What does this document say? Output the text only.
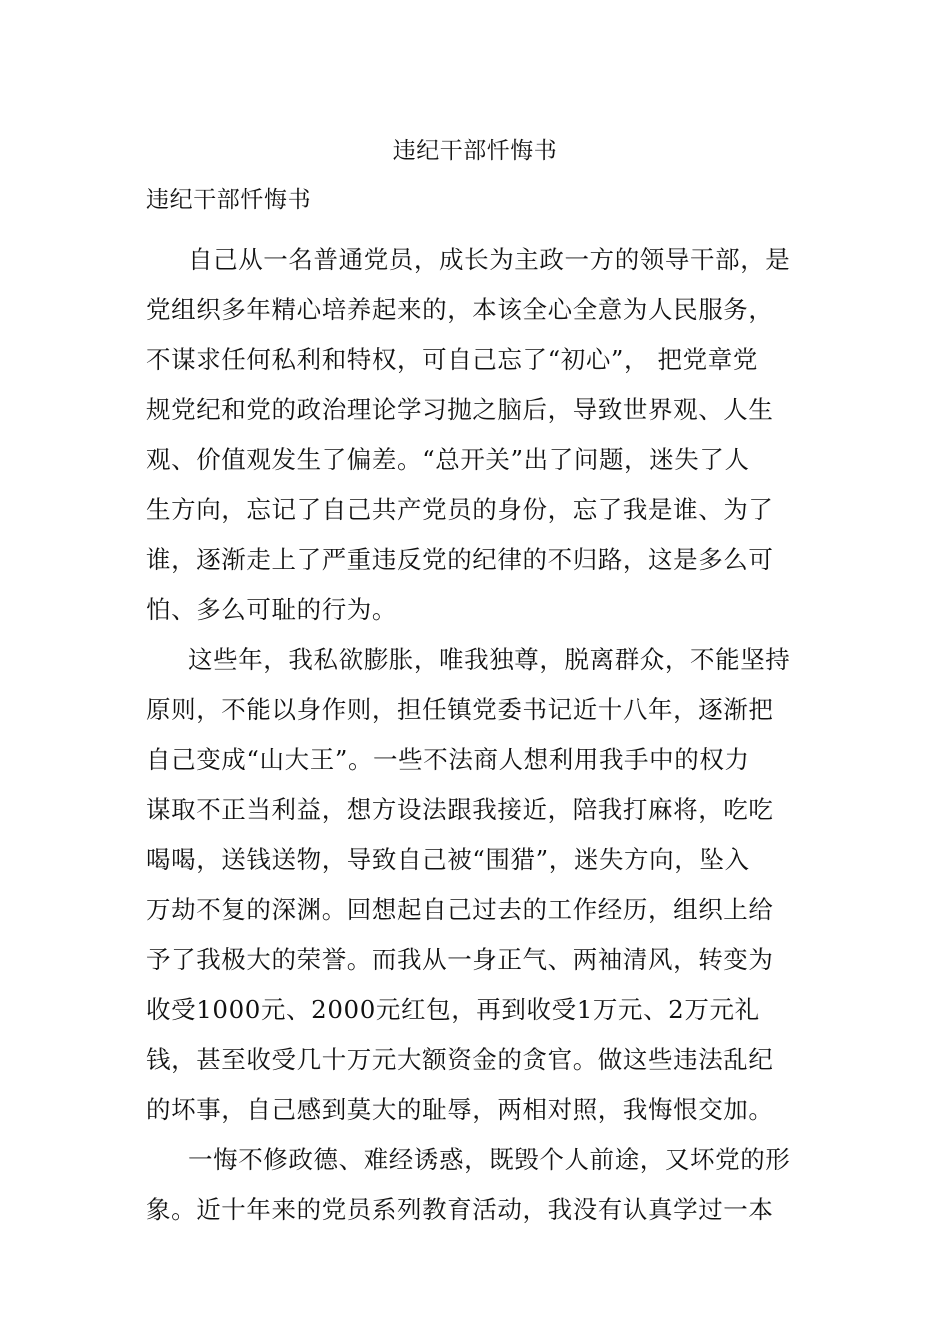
违纪干部忏悔书

违纪干部忏悔书

自己从一名普通党员，成长为主政一方的领导干部，是
党组织多年精心培养起来的，本该全心全意为人民服务，
不谋求任何私利和特权，可自己忘了“初心”， 把党章党
规党纪和党的政治理论学习抛之脑后，导致世界观、人生
观、价值观发生了偏差。“总开关”出了问题，迷失了人
生方向，忘记了自己共产党员的身份，忘了我是谁、为了
谁，逐渐走上了严重违反党的纪律的不归路，这是多么可
怕、多么可耻的行为。
这些年，我私欲膨胀，唯我独尊，脱离群众，不能坚持
原则，不能以身作则，担任镇党委书记近十八年，逐渐把
自己变成“山大王”。一些不法商人想利用我手中的权力
谋取不正当利益，想方设法跟我接近，陪我打麻将，吃吃
喝喝，送钱送物，导致自己被“围猎”，迷失方向，坠入
万劫不复的深渊。回想起自己过去的工作经历，组织上给
予了我极大的荣誉。而我从一身正气、两袖清风，转变为
收受1000元、2000元红包，再到收受1万元、2万元礼
钱，甚至收受几十万元大额资金的贪官。做这些违法乱纪
的坏事，自己感到莫大的耻辱，两相对照，我悔恨交加。
一悔不修政德、难经诱惑，既毁个人前途，又坏党的形
象。近十年来的党员系列教育活动，我没有认真学过一本
